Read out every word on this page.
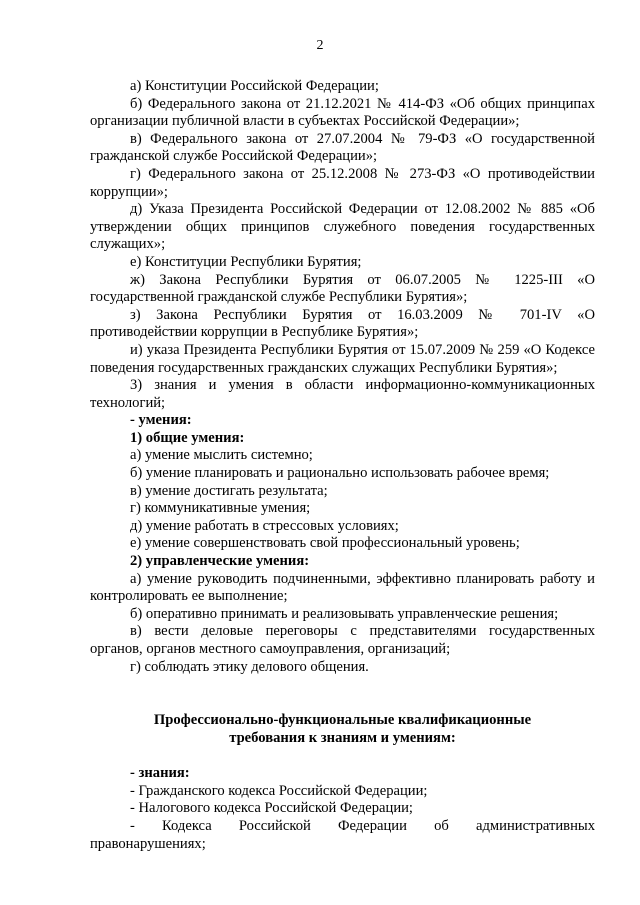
2

а) Конституции Российской Федерации;

б) Федерального закона от 21.12.2021 № 414-ФЗ «Об общих принципах организации публичной власти в субъектах Российской Федерации»;

в) Федерального закона от 27.07.2004 № 79-ФЗ «О государственной гражданской службе Российской Федерации»;

г) Федерального закона от 25.12.2008 № 273-ФЗ «О противодействии коррупции»;

д) Указа Президента Российской Федерации от 12.08.2002 № 885 «Об утверждении общих принципов служебного поведения государственных служащих»;

е) Конституции Республики Бурятия;

ж) Закона Республики Бурятия от 06.07.2005 № 1225-III «О государственной гражданской службе Республики Бурятия»;

з) Закона Республики Бурятия от 16.03.2009 № 701-IV «О противодействии коррупции в Республике Бурятия»;

и) указа Президента Республики Бурятия от 15.07.2009 № 259 «О Кодексе поведения государственных гражданских служащих Республики Бурятия»;

3) знания и умения в области информационно-коммуникационных технологий;

- умения:

1) общие умения:

а) умение мыслить системно;

б) умение планировать и рационально использовать рабочее время;

в) умение достигать результата;

г) коммуникативные умения;

д) умение работать в стрессовых условиях;

е) умение совершенствовать свой профессиональный уровень;

2) управленческие умения:

а) умение руководить подчиненными, эффективно планировать работу и контролировать ее выполнение;

б) оперативно принимать и реализовывать управленческие решения;

в) вести деловые переговоры с представителями государственных органов, органов местного самоуправления, организаций;

г) соблюдать этику делового общения.

Профессионально-функциональные квалификационные
требования к знаниям и умениям:

- знания:

- Гражданского кодекса Российской Федерации;

- Налогового кодекса Российской Федерации;

- Кодекса Российской Федерации об административных правонарушениях;
